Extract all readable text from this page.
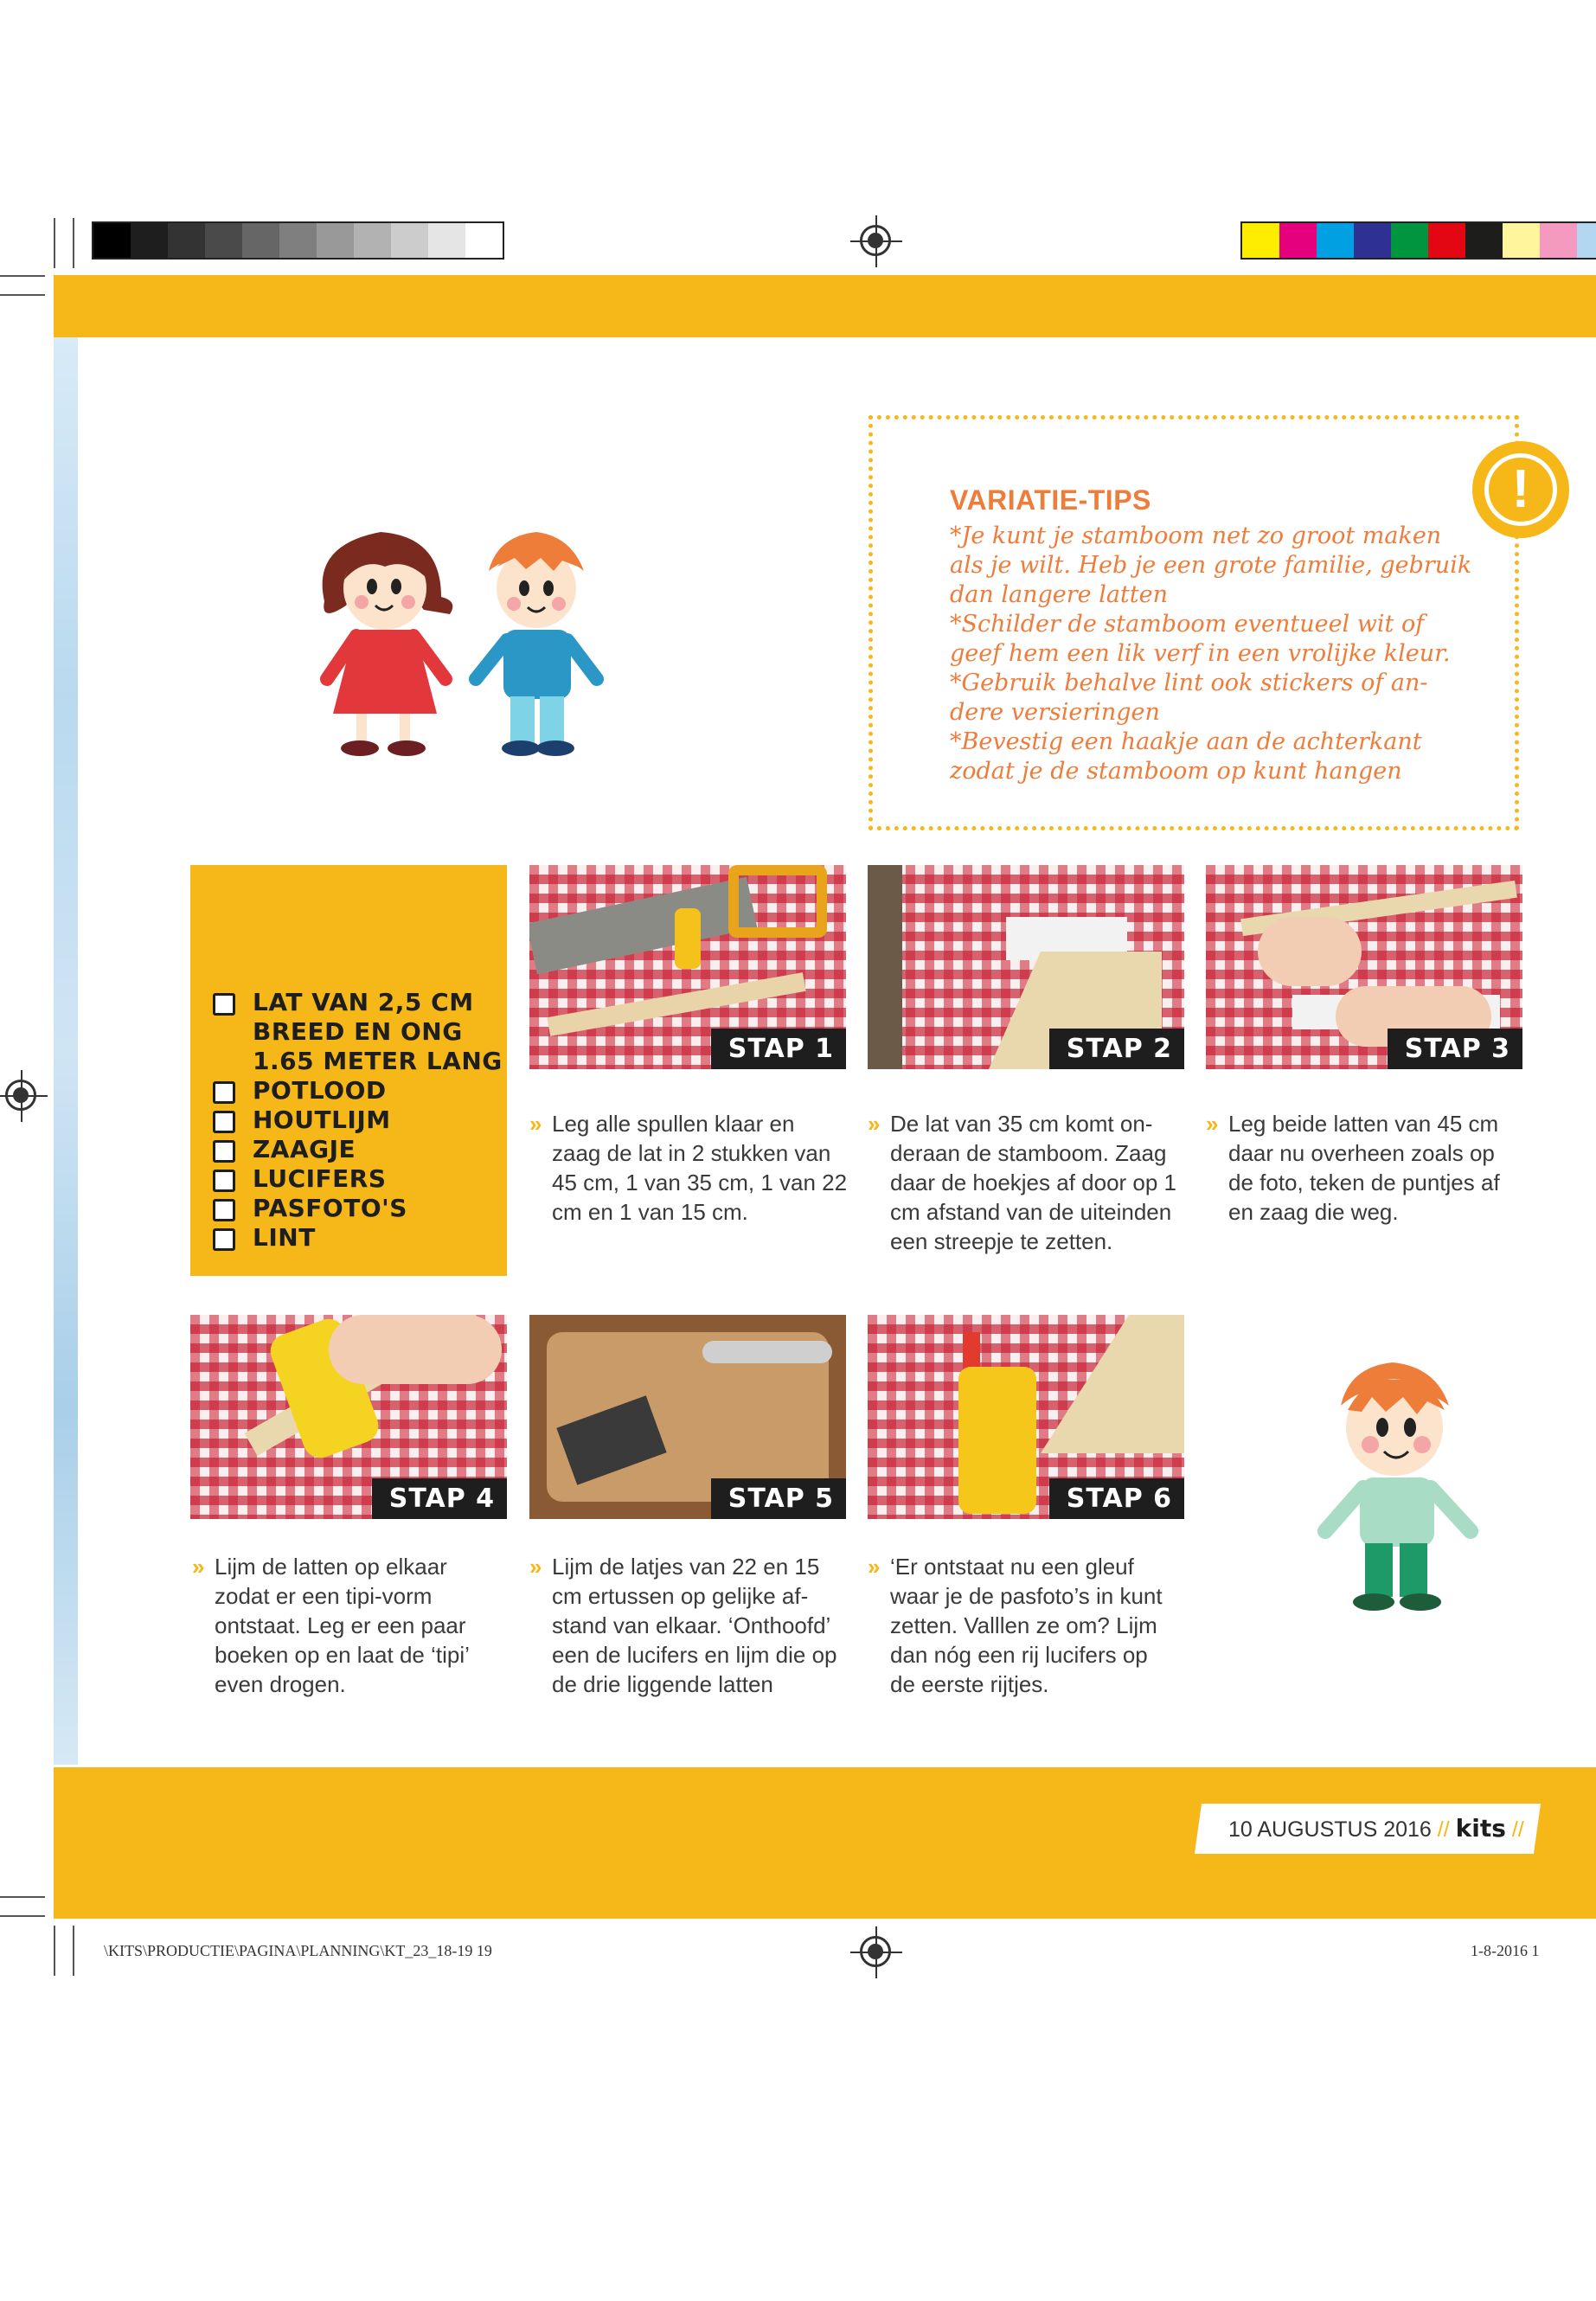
!
VARIATIE-TIPS
*Je kunt je stamboom net zo groot maken
als je wilt. Heb je een grote familie, gebruik
dan langere latten
*Schilder de stamboom eventueel wit of
geef hem een lik verf in een vrolijke kleur.
*Gebruik behalve lint ook stickers of an-
dere versieringen
*Bevestig een haakje aan de achterkant
zodat je de stamboom op kunt hangen
LAT VAN 2,5 CM
BREED EN ONG
1.65 METER LANG
POTLOOD
HOUTLIJM
ZAAGJE
LUCIFERS
PASFOTO'S
LINT
STAP 1	STAP 2	STAP 3
STAP 4	STAP 5	STAP 6
» Leg alle spullen klaar en
zaag de lat in 2 stukken van
45 cm, 1 van 35 cm, 1 van 22
cm en 1 van 15 cm.
» De lat van 35 cm komt on-
deraan de stamboom. Zaag
daar de hoekjes af door op 1
cm afstand van de uiteinden
een streepje te zetten.
» Leg beide latten van 45 cm
daar nu overheen zoals op
de foto, teken de puntjes af
en zaag die weg.
» Lijm de latten op elkaar
zodat er een tipi-vorm
ontstaat. Leg er een paar
boeken op en laat de ‘tipi’
even drogen.
» Lijm de latjes van 22 en 15
cm ertussen op gelijke af-
stand van elkaar. ‘Onthoofd’
een de lucifers en lijm die op
de drie liggende latten
» ‘Er ontstaat nu een gleuf
waar je de pasfoto’s in kunt
zetten. Valllen ze om? Lijm
dan nóg een rij lucifers op
de eerste rijtjes.
10 AUGUSTUS 2016 // kits //
\KITS\PRODUCTIE\PAGINA\PLANNING\KT_23_18-19 19	1-8-2016 1
